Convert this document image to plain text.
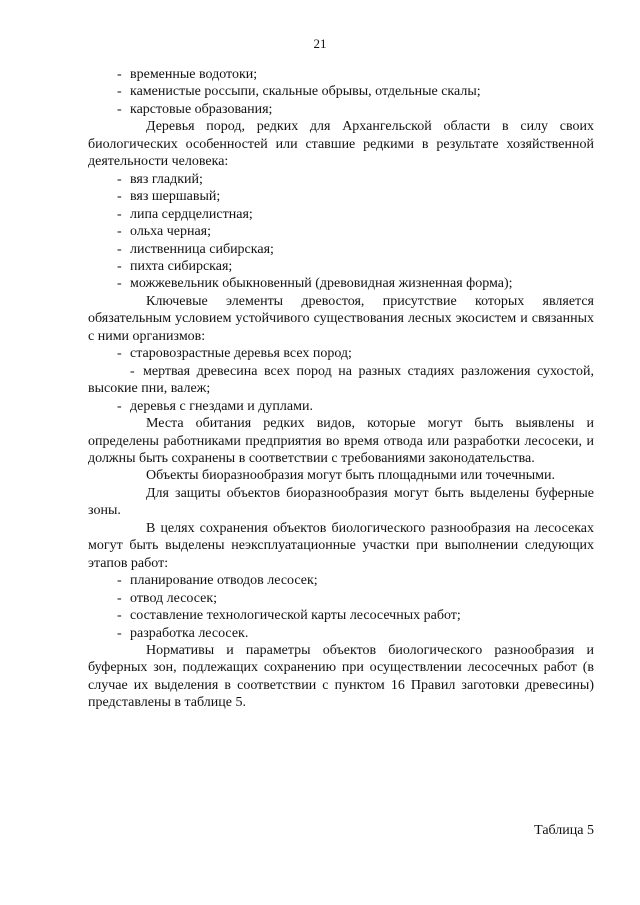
21

- временные водотоки;

- каменистые россыпи, скальные обрывы, отдельные скалы;

- карстовые образования;

Деревья пород, редких для Архангельской области в силу своих биологических особенностей или ставшие редкими в результате хозяйственной деятельности человека:

- вяз гладкий;

- вяз шершавый;

- липа сердцелистная;

- ольха черная;

- лиственница сибирская;

- пихта сибирская;

- можжевельник обыкновенный (древовидная жизненная форма);

Ключевые элементы древостоя, присутствие которых является обязательным условием устойчивого существования лесных экосистем и связанных с ними организмов:

- старовозрастные деревья всех пород;

- мертвая древесина всех пород на разных стадиях разложения сухостой, высокие пни, валеж;

- деревья с гнездами и дуплами.

Места обитания редких видов, которые могут быть выявлены и определены работниками предприятия во время отвода или разработки лесосеки, и должны быть сохранены в соответствии с требованиями законодательства.

Объекты биоразнообразия могут быть площадными или точечными.

Для защиты объектов биоразнообразия могут быть выделены буферные зоны.

В целях сохранения объектов биологического разнообразия на лесосеках могут быть выделены неэксплуатационные участки при выполнении следующих этапов работ:

- планирование отводов лесосек;

- отвод лесосек;

- составление технологической карты лесосечных работ;

- разработка лесосек.

Нормативы и параметры объектов биологического разнообразия и буферных зон, подлежащих сохранению при осуществлении лесосечных работ (в случае их выделения в соответствии с пунктом 16 Правил заготовки древесины) представлены в таблице 5.

Таблица 5
